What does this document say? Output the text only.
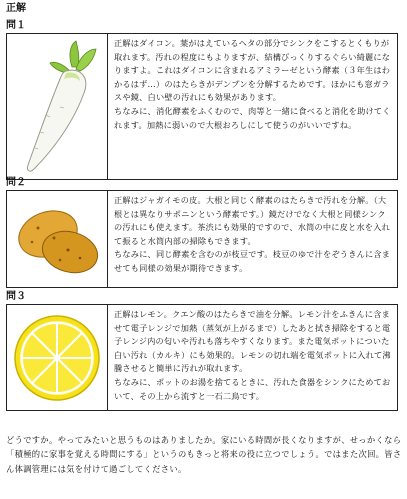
正解
問１

正解はダイコン。葉がはえているヘタの部分でシンクをこするとくもりが取れます。汚れの程度にもよりますが、結構びっくりするぐらい綺麗になりますよ。これはダイコンに含まれるアミラーゼという酵素（３年生はわかるはず…）のはたらきがデンプンを分解するためです。ほかにも窓ガラスや鏡、白い壁の汚れにも効果があります。

ちなみに、消化酵素をふくむので、肉等と一緒に食べると消化を助けてくれます。加熱に弱いので大根おろしにして使うのがいいですね。

問２

正解はジャガイモの皮。大根と同じく酵素のはたらきで汚れを分解。（大根とは異なりサポニンという酵素です。）鏡だけでなく大根と同様シンクの汚れにも使えます。茶渋にも効果的ですので、水筒の中に皮と水を入れて振ると水筒内部の掃除もできます。

ちなみに、同じ酵素を含むのが枝豆です。枝豆のゆで汁をぞうきんに含ませても同様の効果が期待できます。

問３

正解はレモン。クエン酸のはたらきで油を分解。レモン汁をふきんに含ませて電子レンジで加熱（蒸気が上がるまで）したあと拭き掃除をすると電子レンジ内の匂いや汚れも落ちやすくなります。また電気ポットについた白い汚れ（カルキ）にも効果的。レモンの切れ端を電気ポットに入れて沸騰させると簡単に汚れが取れます。

ちなみに、ポットのお湯を捨てるときに、汚れた食器をシンクにためておいて、その上から流すと一石二鳥です。

どうですか。やってみたいと思うものはありましたか。家にいる時間が長くなりますが、せっかくなら「積極的に家事を覚える時間にする」というのもきっと将来の役に立つでしょう。ではまた次回。皆さん体調管理には気を付けて過ごしてください。
